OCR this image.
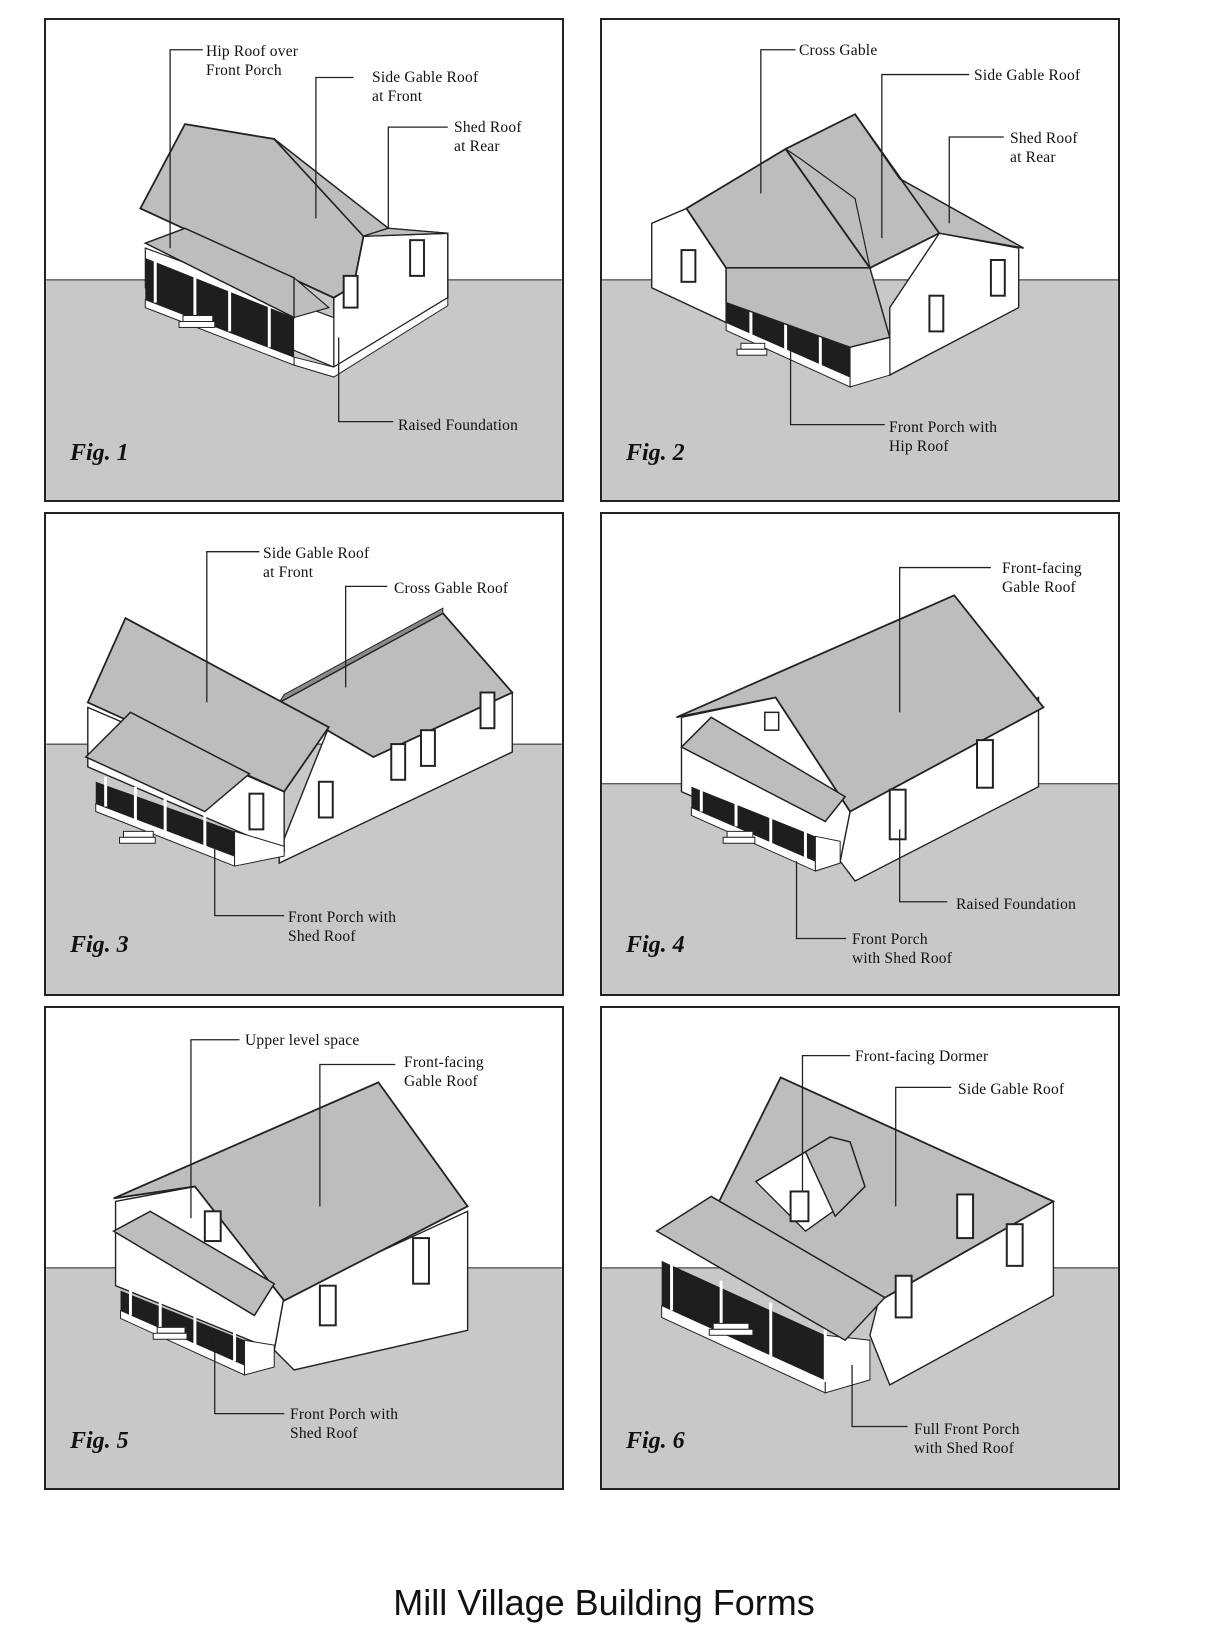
Hip Roof over
Front Porch	Side Gable Roof
at Front
Shed Roof
at Rear
Raised Foundation
Fig. 1
Cross Gable
Side Gable Roof
Shed Roof
at Rear
Front Porch with
Hip Roof
Fig. 2
Side Gable Roof
at Front
Cross Gable Roof
Front Porch with
Shed Roof
Fig. 3
Front-facing
Gable Roof
Raised Foundation
Front Porch
with Shed Roof
Fig. 4
Upper level space
Front-facing
Gable Roof
Front Porch with
Shed Roof
Fig. 5
Front-facing Dormer
Side Gable Roof
Full Front Porch
with Shed Roof
Fig. 6
Mill Village Building Forms
